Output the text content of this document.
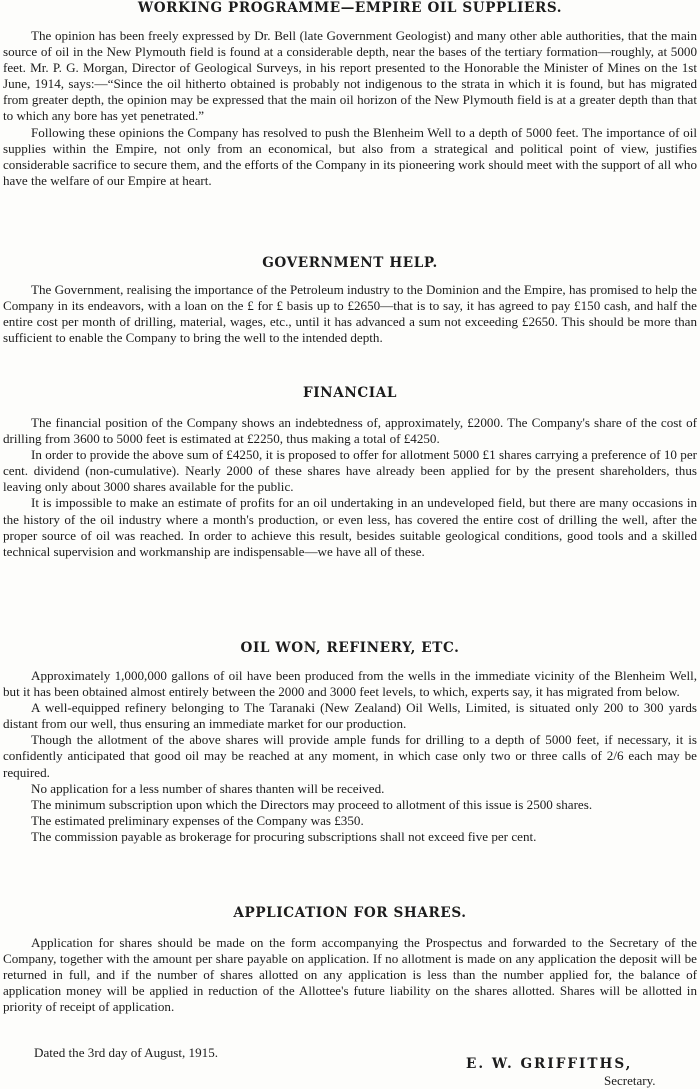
WORKING PROGRAMME—EMPIRE OIL SUPPLIERS.

The opinion has been freely expressed by Dr. Bell (late Government Geologist) and many other able authorities, that the main source of oil in the New Plymouth field is found at a considerable depth, near the bases of the tertiary formation—roughly, at 5000 feet. Mr. P. G. Morgan, Director of Geological Surveys, in his report presented to the Honorable the Minister of Mines on the 1st June, 1914, says:—“Since the oil hitherto obtained is probably not indigenous to the strata in which it is found, but has migrated from greater depth, the opinion may be expressed that the main oil horizon of the New Plymouth field is at a greater depth than that to which any bore has yet penetrated.”

Following these opinions the Company has resolved to push the Blenheim Well to a depth of 5000 feet. The importance of oil supplies within the Empire, not only from an economical, but also from a strategical and political point of view, justifies considerable sacrifice to secure them, and the efforts of the Company in its pioneering work should meet with the support of all who have the welfare of our Empire at heart.

GOVERNMENT HELP.

The Government, realising the importance of the Petroleum industry to the Dominion and the Empire, has promised to help the Company in its endeavors, with a loan on the £ for £ basis up to £2650—that is to say, it has agreed to pay £150 cash, and half the entire cost per month of drilling, material, wages, etc., until it has advanced a sum not exceeding £2650. This should be more than sufficient to enable the Company to bring the well to the intended depth.

FINANCIAL

The financial position of the Company shows an indebtedness of, approximately, £2000. The Company's share of the cost of drilling from 3600 to 5000 feet is estimated at £2250, thus making a total of £4250.

In order to provide the above sum of £4250, it is proposed to offer for allotment 5000 £1 shares carrying a preference of 10 per cent. dividend (non-cumulative). Nearly 2000 of these shares have already been applied for by the present shareholders, thus leaving only about 3000 shares available for the public.

It is impossible to make an estimate of profits for an oil undertaking in an undeveloped field, but there are many occasions in the history of the oil industry where a month's production, or even less, has covered the entire cost of drilling the well, after the proper source of oil was reached. In order to achieve this result, besides suitable geological conditions, good tools and a skilled technical supervision and workmanship are indispensable—we have all of these.

OIL WON, REFINERY, ETC.

Approximately 1,000,000 gallons of oil have been produced from the wells in the immediate vicinity of the Blenheim Well, but it has been obtained almost entirely between the 2000 and 3000 feet levels, to which, experts say, it has migrated from below.

A well-equipped refinery belonging to The Taranaki (New Zealand) Oil Wells, Limited, is situated only 200 to 300 yards distant from our well, thus ensuring an immediate market for our production.

Though the allotment of the above shares will provide ample funds for drilling to a depth of 5000 feet, if necessary, it is confidently anticipated that good oil may be reached at any moment, in which case only two or three calls of 2/6 each may be required.

No application for a less number of shares thanten will be received.

The minimum subscription upon which the Directors may proceed to allotment of this issue is 2500 shares.

The estimated preliminary expenses of the Company was £350.

The commission payable as brokerage for procuring subscriptions shall not exceed five per cent.

APPLICATION FOR SHARES.

Application for shares should be made on the form accompanying the Prospectus and forwarded to the Secretary of the Company, together with the amount per share payable on application. If no allotment is made on any application the deposit will be returned in full, and if the number of shares allotted on any application is less than the number applied for, the balance of application money will be applied in reduction of the Allottee's future liability on the shares allotted. Shares will be allotted in priority of receipt of application.

Dated the 3rd day of August, 1915.
E. W. GRIFFITHS,
Secretary.
